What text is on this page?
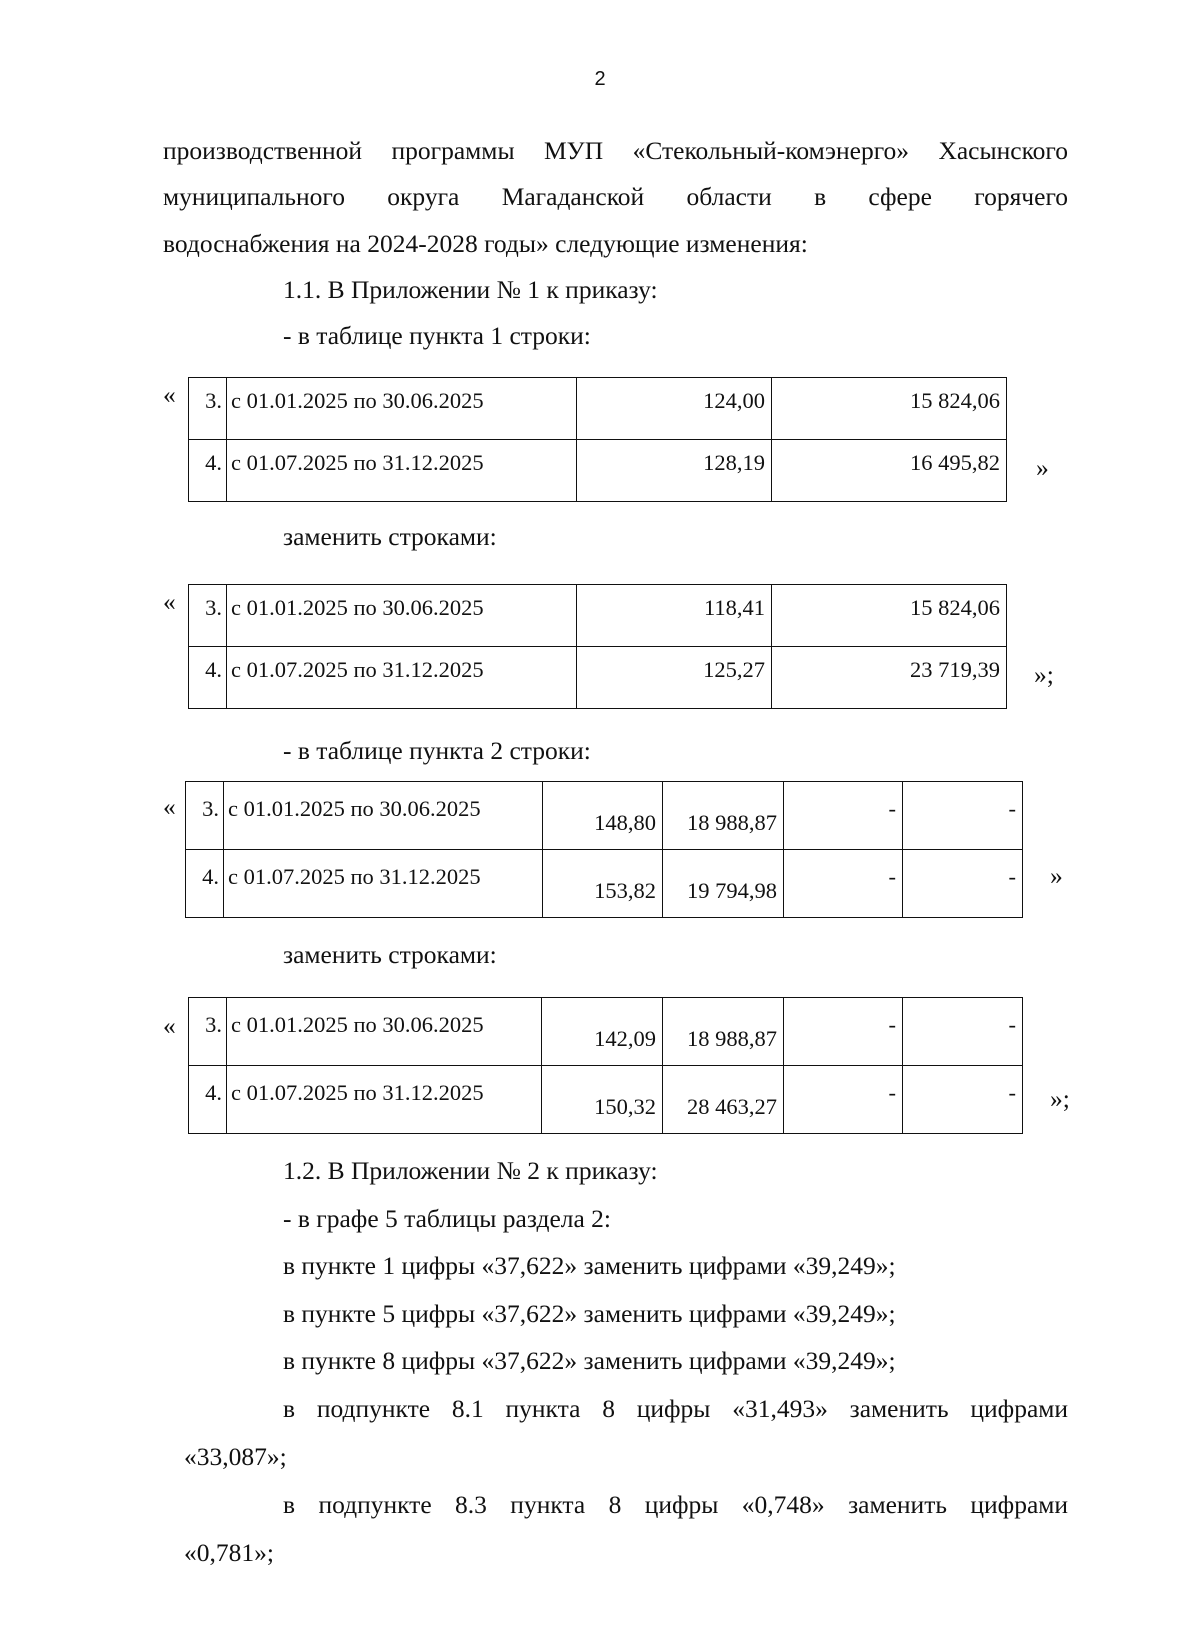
2
производственной программы МУП «Стекольный-комэнерго» Хасынского
муниципального округа Магаданской области в сфере горячего
водоснабжения на 2024-2028 годы» следующие изменения:
1.1. В Приложении № 1 к приказу:
- в таблице пункта 1 строки:
« 3.	с 01.01.2025 по 30.06.2025	124,00	15 824,06
4.	с 01.07.2025 по 31.12.2025	128,19	16 495,82 »
заменить строками:
« 3.	с 01.01.2025 по 30.06.2025	118,41	15 824,06
4.	с 01.07.2025 по 31.12.2025	125,27	23 719,39 »;
- в таблице пункта 2 строки:
« 3.	с 01.01.2025 по 30.06.2025	148,80	18 988,87	-	-
4.	с 01.07.2025 по 31.12.2025	153,82	19 794,98	-	- »
заменить строками:
« 3.	с 01.01.2025 по 30.06.2025	142,09	18 988,87	-	-
4.	с 01.07.2025 по 31.12.2025	150,32	28 463,27	-	- »;
1.2. В Приложении № 2 к приказу:
- в графе 5 таблицы раздела 2:
в пункте 1 цифры «37,622» заменить цифрами «39,249»;
в пункте 5 цифры «37,622» заменить цифрами «39,249»;
в пункте 8 цифры «37,622» заменить цифрами «39,249»;
в подпункте 8.1 пункта 8 цифры «31,493» заменить цифрами
«33,087»;
в подпункте 8.3 пункта 8 цифры «0,748» заменить цифрами
«0,781»;
